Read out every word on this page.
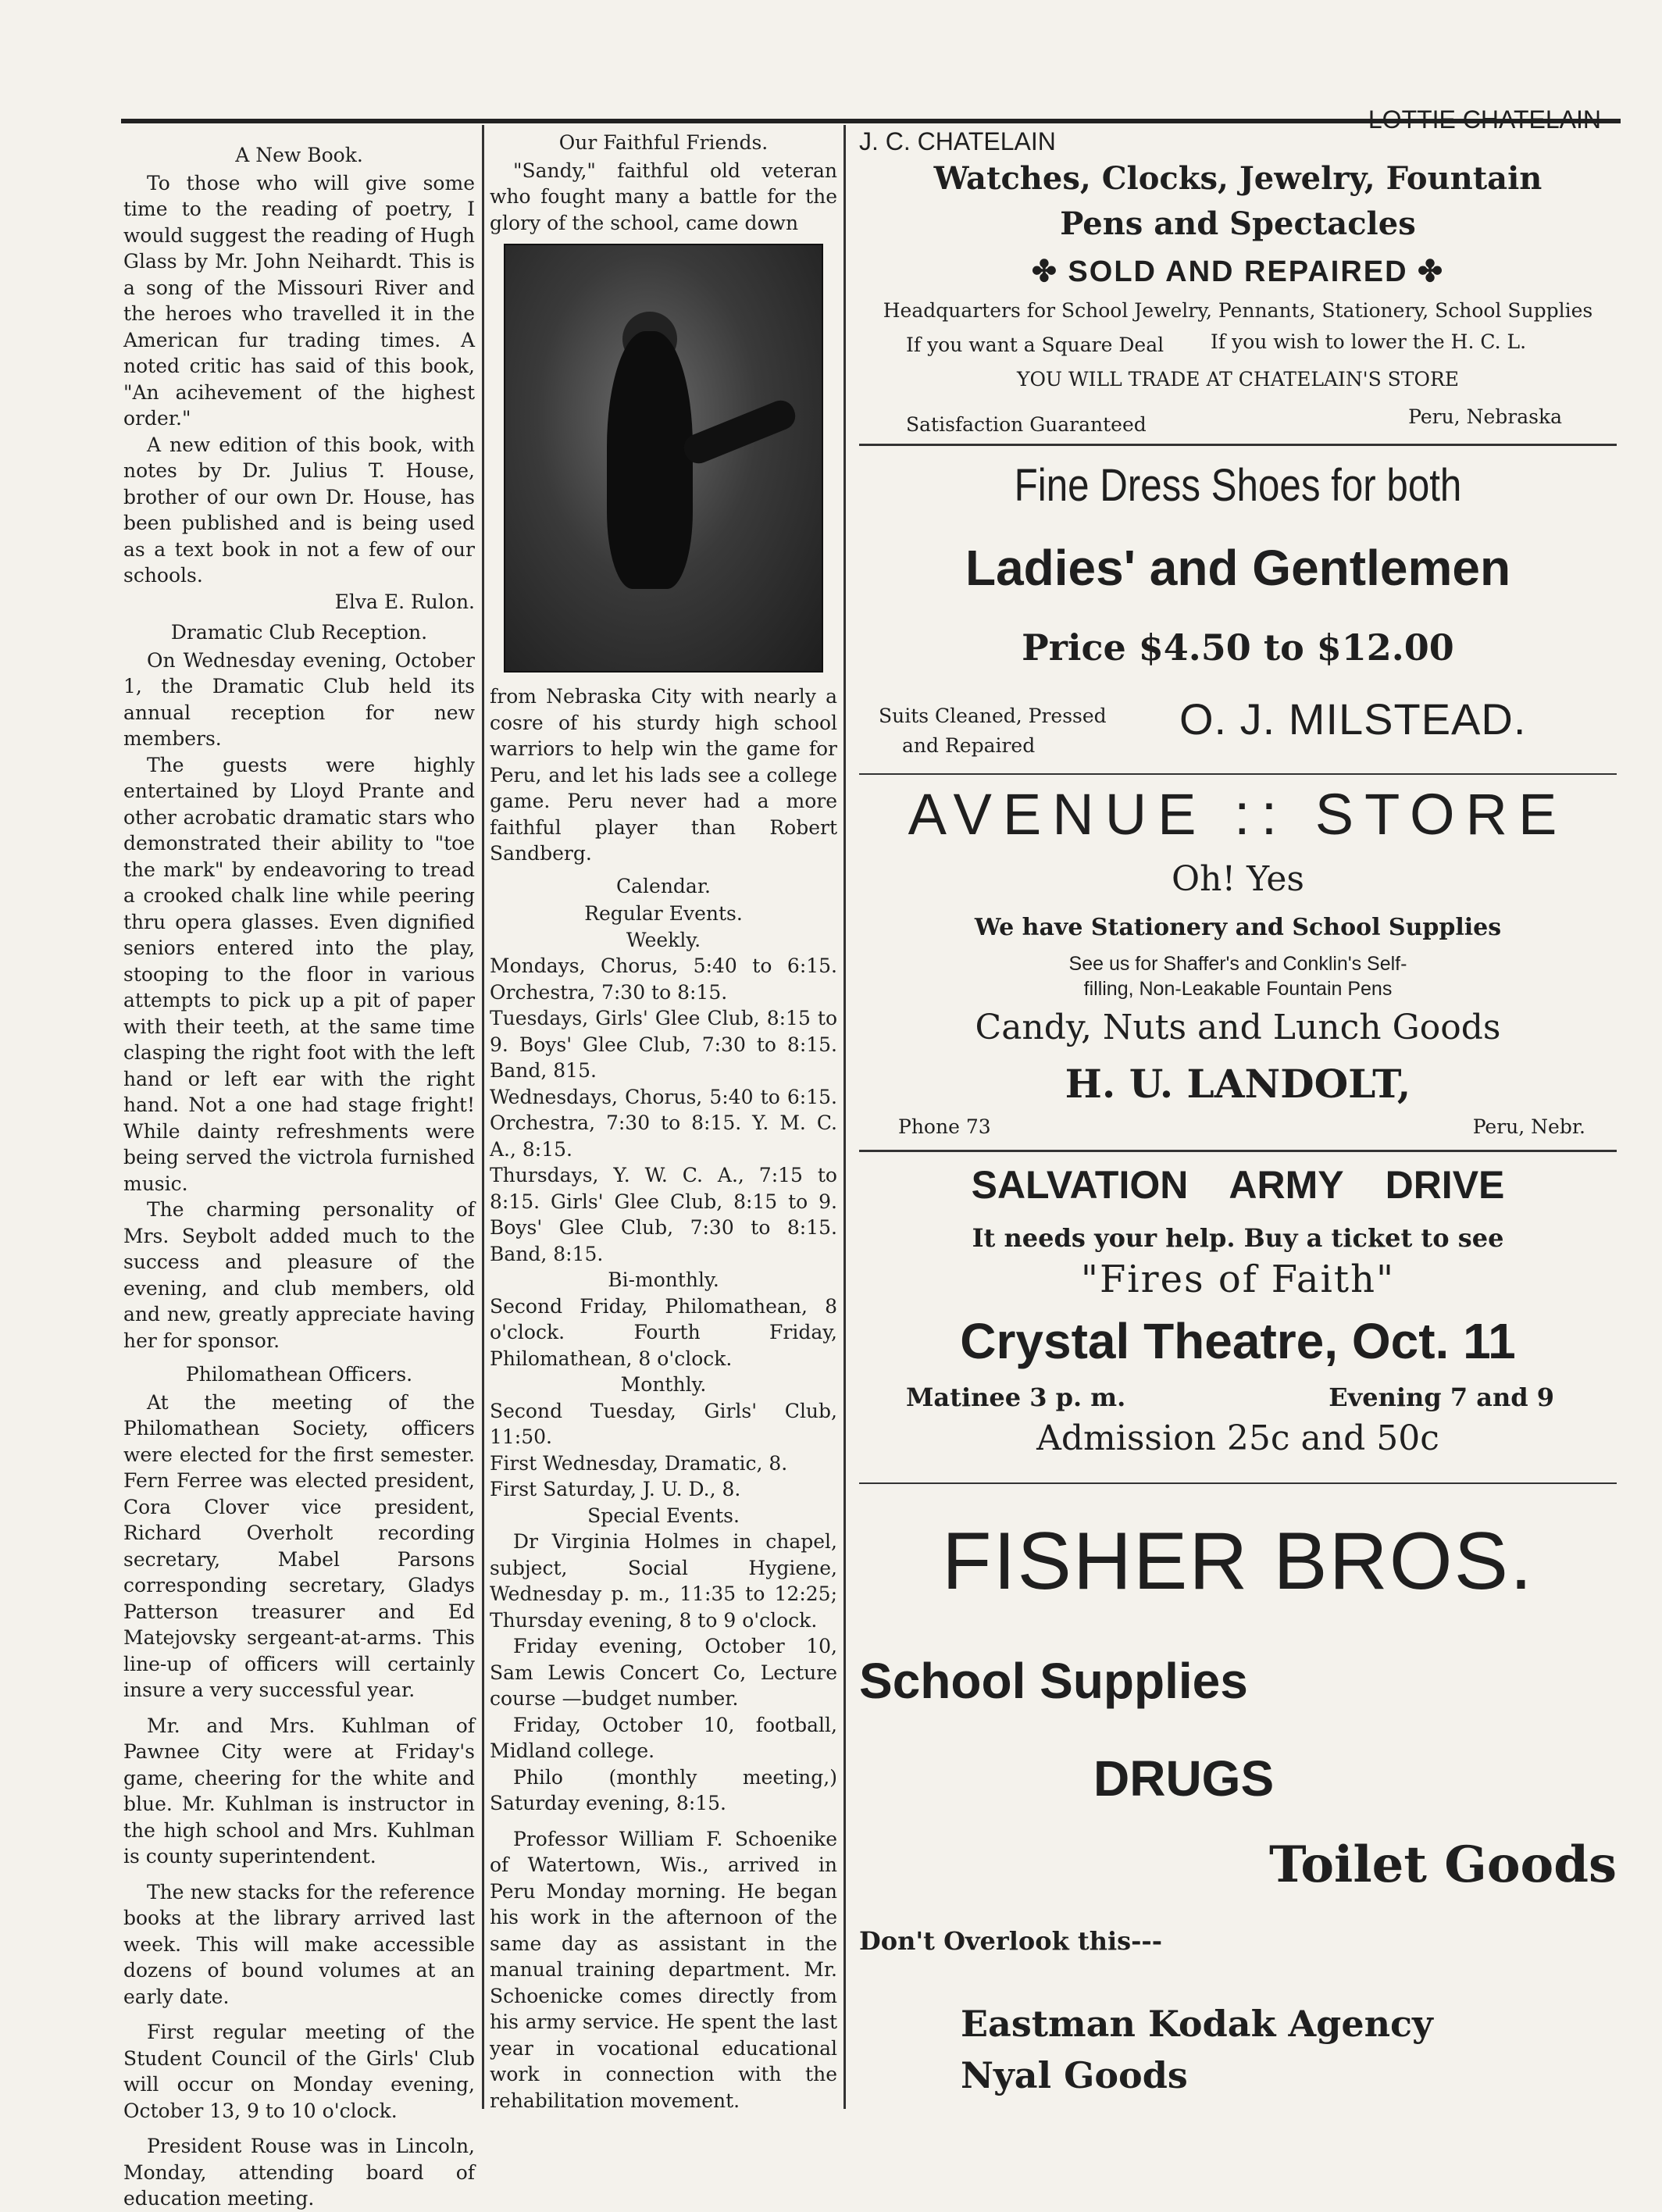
A New Book.

To those who will give some time to the reading of poetry, I would suggest the reading of Hugh Glass by Mr. John Neihardt. This is a song of the Missouri River and the heroes who travelled it in the American fur trading times. A noted critic has said of this book, "An acihevement of the highest order."

A new edition of this book, with notes by Dr. Julius T. House, brother of our own Dr. House, has been published and is being used as a text book in not a few of our schools.

Elva E. Rulon.
Dramatic Club Reception.

On Wednesday evening, October 1, the Dramatic Club held its annual reception for new members.

The guests were highly entertained by Lloyd Prante and other acrobatic dramatic stars who demonstrated their ability to "toe the mark" by endeavoring to tread a crooked chalk line while peering thru opera glasses. Even dignified seniors entered into the play, stooping to the floor in various attempts to pick up a pit of paper with their teeth, at the same time clasping the right foot with the left hand or left ear with the right hand. Not a one had stage fright! While dainty refreshments were being served the victrola furnished music.

The charming personality of Mrs. Seybolt added much to the success and pleasure of the evening, and club members, old and new, greatly appreciate having her for sponsor.

Philomathean Officers.

At the meeting of the Philomathean Society, officers were elected for the first semester. Fern Ferree was elected president, Cora Clover vice president, Richard Overholt recording secretary, Mabel Parsons corresponding secretary, Gladys Patterson treasurer and Ed Matejovsky sergeant-at-arms. This line-up of officers will certainly insure a very successful year.

Mr. and Mrs. Kuhlman of Pawnee City were at Friday's game, cheering for the white and blue. Mr. Kuhlman is instructor in the high school and Mrs. Kuhlman is county superintendent.

The new stacks for the reference books at the library arrived last week. This will make accessible dozens of bound volumes at an early date.

First regular meeting of the Student Council of the Girls' Club will occur on Monday evening, October 13, 9 to 10 o'clock.

President Rouse was in Lincoln, Monday, attending board of education meeting.

Our Faithful Friends.

"Sandy," faithful old veteran who fought many a battle for the glory of the school, came down

from Nebraska City with nearly a cosre of his sturdy high school warriors to help win the game for Peru, and let his lads see a college game. Peru never had a more faithful player than Robert Sandberg.

Calendar.
Regular Events.
Weekly.
Mondays, Chorus, 5:40 to 6:15. Orchestra, 7:30 to 8:15.
Tuesdays, Girls' Glee Club, 8:15 to 9. Boys' Glee Club, 7:30 to 8:15. Band, 815.
Wednesdays, Chorus, 5:40 to 6:15. Orchestra, 7:30 to 8:15. Y. M. C. A., 8:15.
Thursdays, Y. W. C. A., 7:15 to 8:15. Girls' Glee Club, 8:15 to 9. Boys' Glee Club, 7:30 to 8:15. Band, 8:15.
Bi-monthly.
Second Friday, Philomathean, 8 o'clock. Fourth Friday, Philomathean, 8 o'clock.
Monthly.
Second Tuesday, Girls' Club, 11:50.
First Wednesday, Dramatic, 8.
First Saturday, J. U. D., 8.
Special Events.

Dr Virginia Holmes in chapel, subject, Social Hygiene, Wednesday p. m., 11:35 to 12:25; Thursday evening, 8 to 9 o'clock.

Friday evening, October 10, Sam Lewis Concert Co, Lecture course —budget number.

Friday, October 10, football, Midland college.

Philo (monthly meeting,) Saturday evening, 8:15.

Professor William F. Schoenike of Watertown, Wis., arrived in Peru Monday morning. He began his work in the afternoon of the same day as assistant in the manual training department. Mr. Schoenicke comes directly from his army service. He spent the last year in vocational educational work in connection with the rehabilitation movement.

J. C. CHATELAIN
LOTTIE CHATELAIN
Watches, Clocks, Jewelry, Fountain
Pens and Spectacles
✤ SOLD AND REPAIRED ✤
Headquarters for School Jewelry, Pennants, Stationery, School Supplies
If you want a Square Deal If you wish to lower the H. C. L.
YOU WILL TRADE AT CHATELAIN'S STORE
Satisfaction Guaranteed	Peru, Nebraska
Fine Dress Shoes for both
Ladies' and Gentlemen
Price $4.50 to $12.00
Suits Cleaned, Pressed
and Repaired
O. J. MILSTEAD.
AVENUE :: STORE
Oh! Yes
We have Stationery and School Supplies
See us for Shaffer's and Conklin's Self-filling, Non-Leakable Fountain Pens
Candy, Nuts and Lunch Goods
H. U. LANDOLT,
Phone 73	Peru, Nebr.
SALVATION ARMY DRIVE
It needs your help. Buy a ticket to see
"Fires of Faith"
Crystal Theatre, Oct. 11
Matinee 3 p. m.	Evening 7 and 9
Admission 25c and 50c
FISHER BROS.
School Supplies
DRUGS
Toilet Goods
Don't Overlook this---
Eastman Kodak Agency
Nyal Goods
